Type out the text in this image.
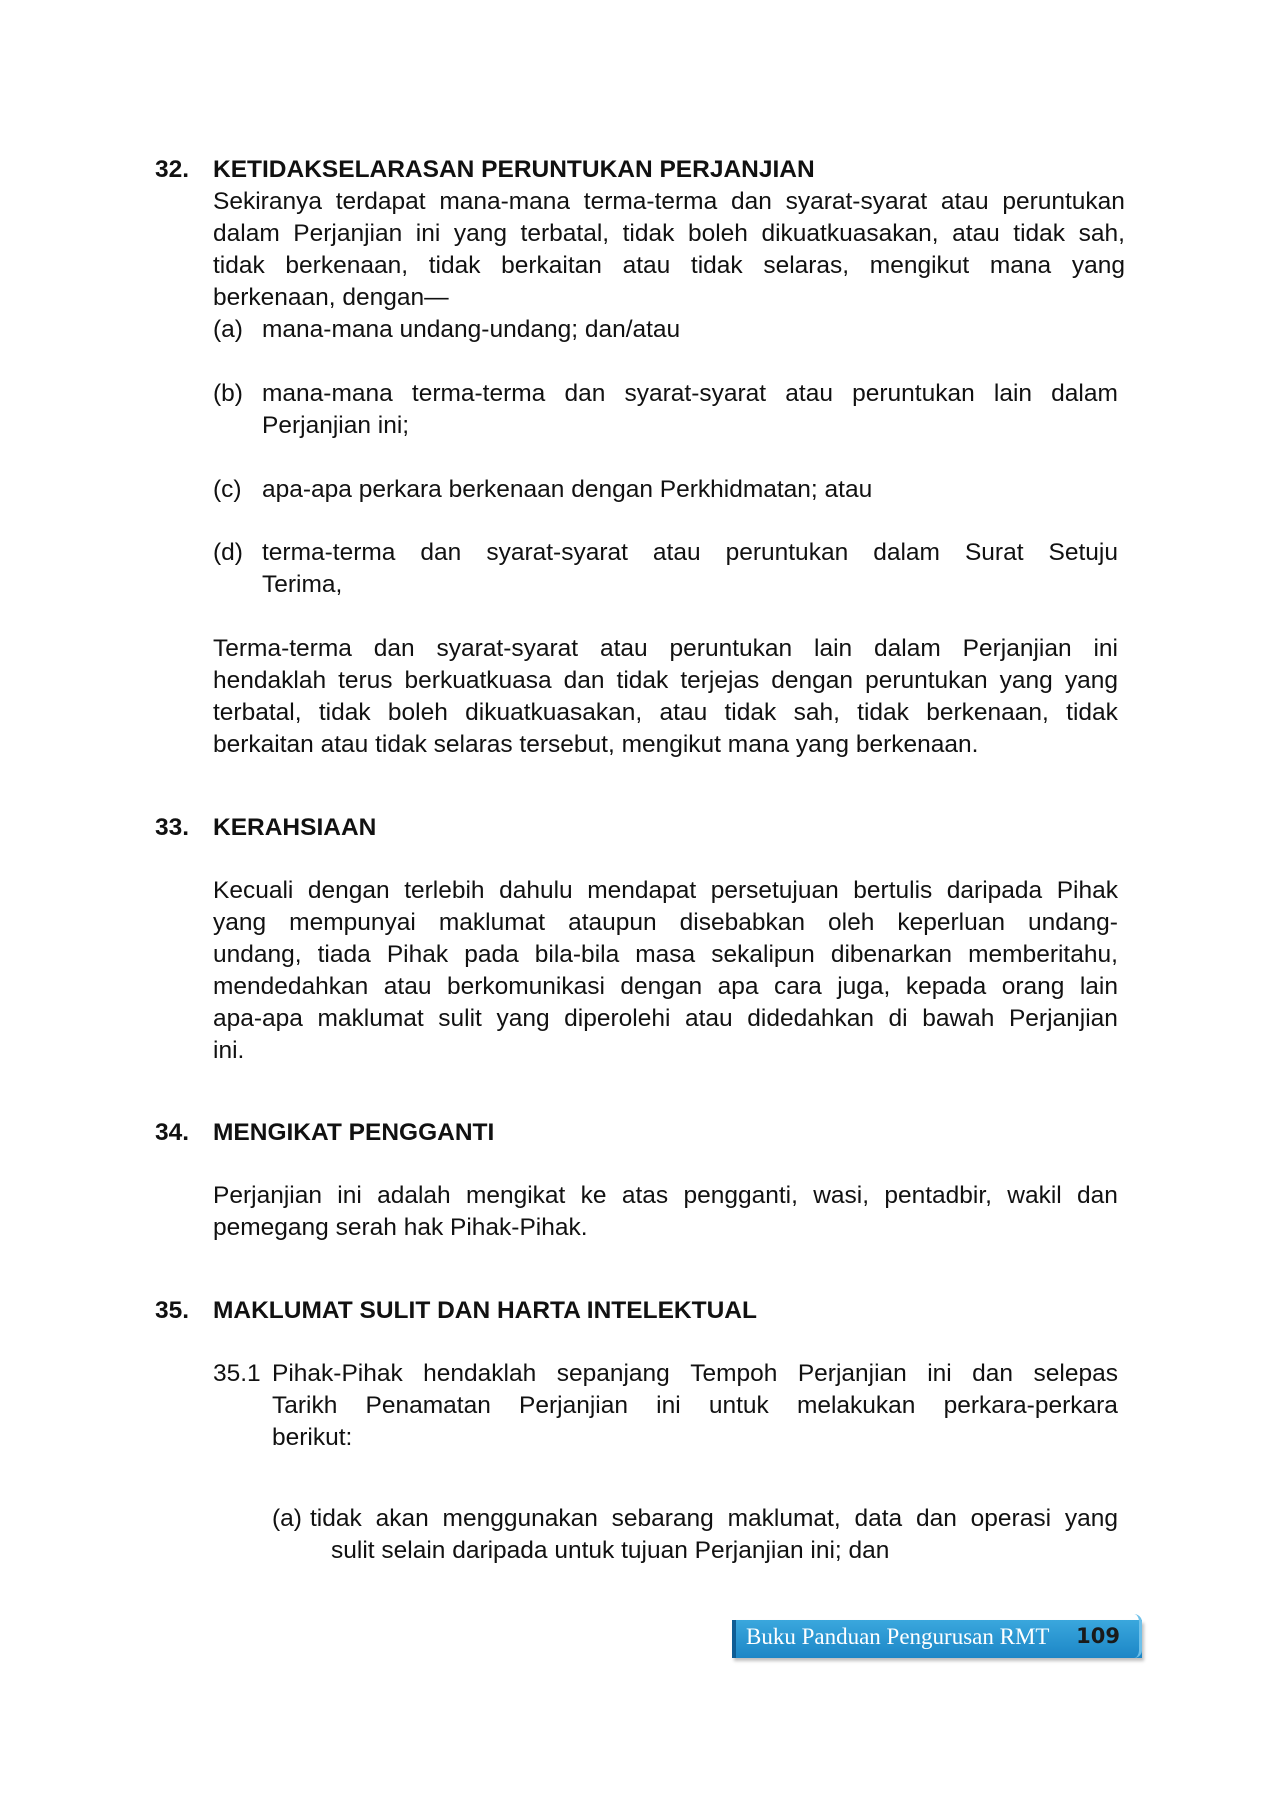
32. KETIDAKSELARASAN PERUNTUKAN PERJANJIAN
Sekiranya terdapat mana-mana terma-terma dan syarat-syarat atau peruntukan
dalam Perjanjian ini yang terbatal, tidak boleh dikuatkuasakan, atau tidak sah,
tidak berkenaan, tidak berkaitan atau tidak selaras, mengikut mana yang
berkenaan, dengan—
(a) mana-mana undang-undang; dan/atau
(b) mana-mana terma-terma dan syarat-syarat atau peruntukan lain dalam
Perjanjian ini;
(c) apa-apa perkara berkenaan dengan Perkhidmatan; atau
(d) terma-terma dan syarat-syarat atau peruntukan dalam Surat Setuju
Terima,
Terma-terma dan syarat-syarat atau peruntukan lain dalam Perjanjian ini
hendaklah terus berkuatkuasa dan tidak terjejas dengan peruntukan yang yang
terbatal, tidak boleh dikuatkuasakan, atau tidak sah, tidak berkenaan, tidak
berkaitan atau tidak selaras tersebut, mengikut mana yang berkenaan.
33. KERAHSIAAN
Kecuali dengan terlebih dahulu mendapat persetujuan bertulis daripada Pihak
yang mempunyai maklumat ataupun disebabkan oleh keperluan undang-
undang, tiada Pihak pada bila-bila masa sekalipun dibenarkan memberitahu,
mendedahkan atau berkomunikasi dengan apa cara juga, kepada orang lain
apa-apa maklumat sulit yang diperolehi atau didedahkan di bawah Perjanjian
ini.
34. MENGIKAT PENGGANTI
Perjanjian ini adalah mengikat ke atas pengganti, wasi, pentadbir, wakil dan
pemegang serah hak Pihak-Pihak.
35. MAKLUMAT SULIT DAN HARTA INTELEKTUAL
35.1 Pihak-Pihak hendaklah sepanjang Tempoh Perjanjian ini dan selepas
Tarikh Penamatan Perjanjian ini untuk melakukan perkara-perkara
berikut:
(a) tidak akan menggunakan sebarang maklumat, data dan operasi yang
sulit selain daripada untuk tujuan Perjanjian ini; dan
Buku Panduan Pengurusan RMT 109
